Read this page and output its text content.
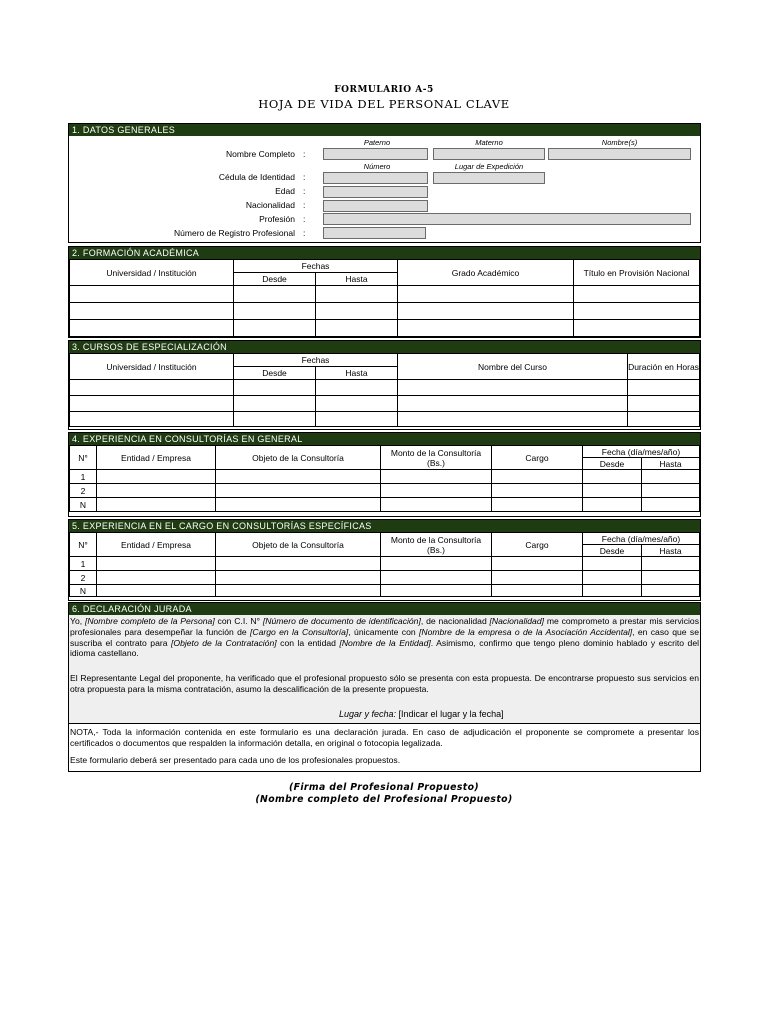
FORMULARIO A-5
HOJA DE VIDA DEL PERSONAL CLAVE
1. DATOS GENERALES
Paterno	Materno	Nombre(s)
Nombre Completo :
Número	Lugar de Expedición
Cédula de Identidad :
Edad :
Nacionalidad :
Profesión :
Número de Registro Profesional :
2. FORMACIÓN ACADÉMICA
Universidad / Institución	Fechas		Grado Académico	Título en Provisión Nacional
	Desde	Hasta		

3. CURSOS DE ESPECIALIZACIÓN
Universidad / Institución	Fechas		Nombre del Curso	Duración en Horas
	Desde	Hasta		

4. EXPERIENCIA EN CONSULTORÍAS EN GENERAL
N°	Entidad / Empresa	Objeto de la Consultoría	Monto de la Consultoría (Bs.)	Cargo	Fecha (día/mes/año)	
					Desde	Hasta
1						
2						
N						
5. EXPERIENCIA EN EL CARGO EN CONSULTORÍAS ESPECÍFICAS
N°	Entidad / Empresa	Objeto de la Consultoría	Monto de la Consultoría (Bs.)	Cargo	Fecha (día/mes/año)	
					Desde	Hasta
1						
2						
N						
6. DECLARACIÓN JURADA
Yo, [Nombre completo de la Persona] con C.I. N° [Número de documento de identificación], de nacionalidad [Nacionalidad] me comprometo a prestar mis servicios profesionales para desempeñar la función de [Cargo en la Consultoría], únicamente con [Nombre de la empresa o de la Asociación Accidental], en caso que se suscriba el contrato para [Objeto de la Contratación] con la entidad [Nombre de la Entidad]. Asimismo, confirmo que tengo pleno dominio hablado y escrito del idioma castellano.
El Representante Legal del proponente, ha verificado que el profesional propuesto sólo se presenta con esta propuesta. De encontrarse propuesto sus servicios en otra propuesta para la misma contratación, asumo la descalificación de la presente propuesta.
Lugar y fecha: [Indicar el lugar y la fecha]
NOTA,- Toda la información contenida en este formulario es una declaración jurada. En caso de adjudicación el proponente se compromete a presentar los certificados o documentos que respalden la información detalla, en original o fotocopia legalizada.
Este formulario deberá ser presentado para cada uno de los profesionales propuestos.
(Firma del Profesional Propuesto)
(Nombre completo del Profesional Propuesto)
